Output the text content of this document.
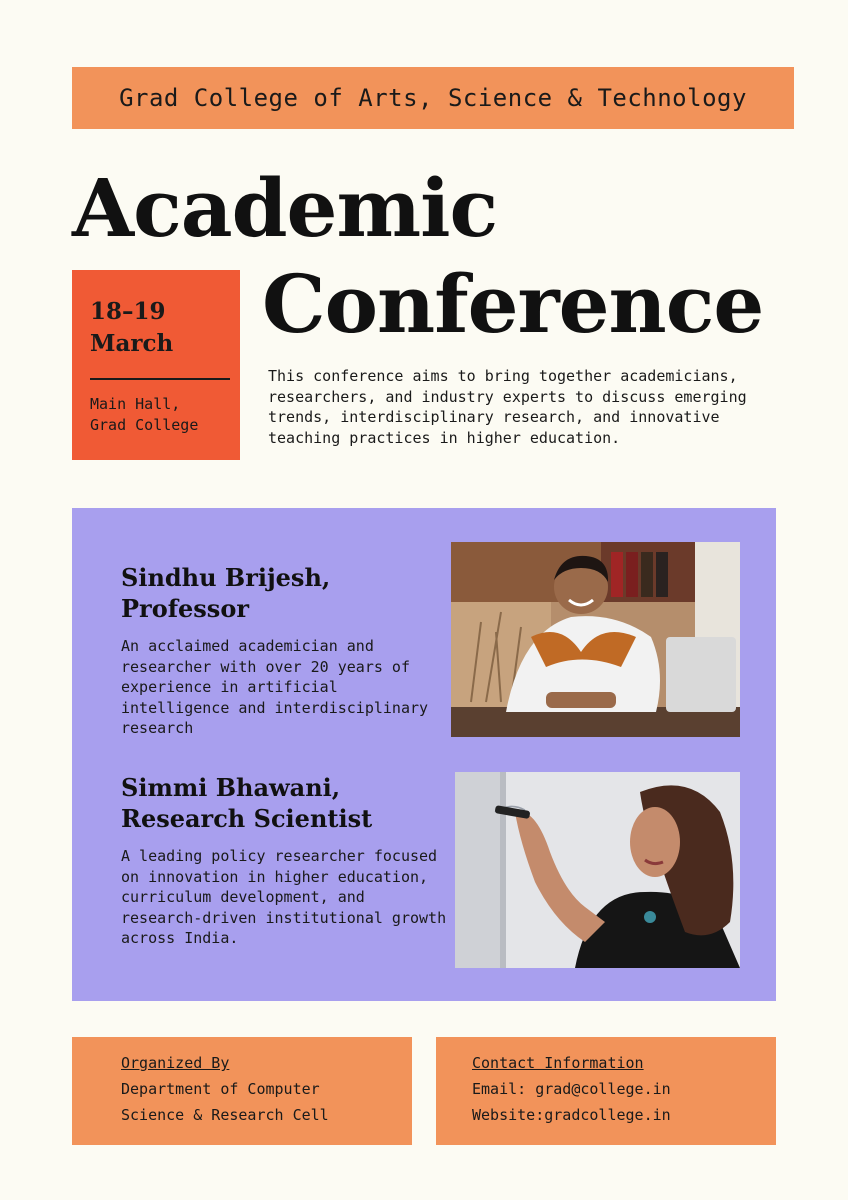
Grad College of Arts, Science & Technology
Academic
Conference
18–19
March
Main Hall,
Grad College

This conference aims to bring together academicians, researchers, and industry experts to discuss emerging trends, interdisciplinary research, and innovative teaching practices in higher education.

Sindhu Brijesh,
Professor

An acclaimed academician and researcher with over 20 years of experience in artificial intelligence and interdisciplinary research

Simmi Bhawani,
Research Scientist

A leading policy researcher focused on innovation in higher education, curriculum development, and research-driven institutional growth across India.

Organized By
Department of Computer
Science & Research Cell
Contact Information
Email: grad@college.in
Website:gradcollege.in
